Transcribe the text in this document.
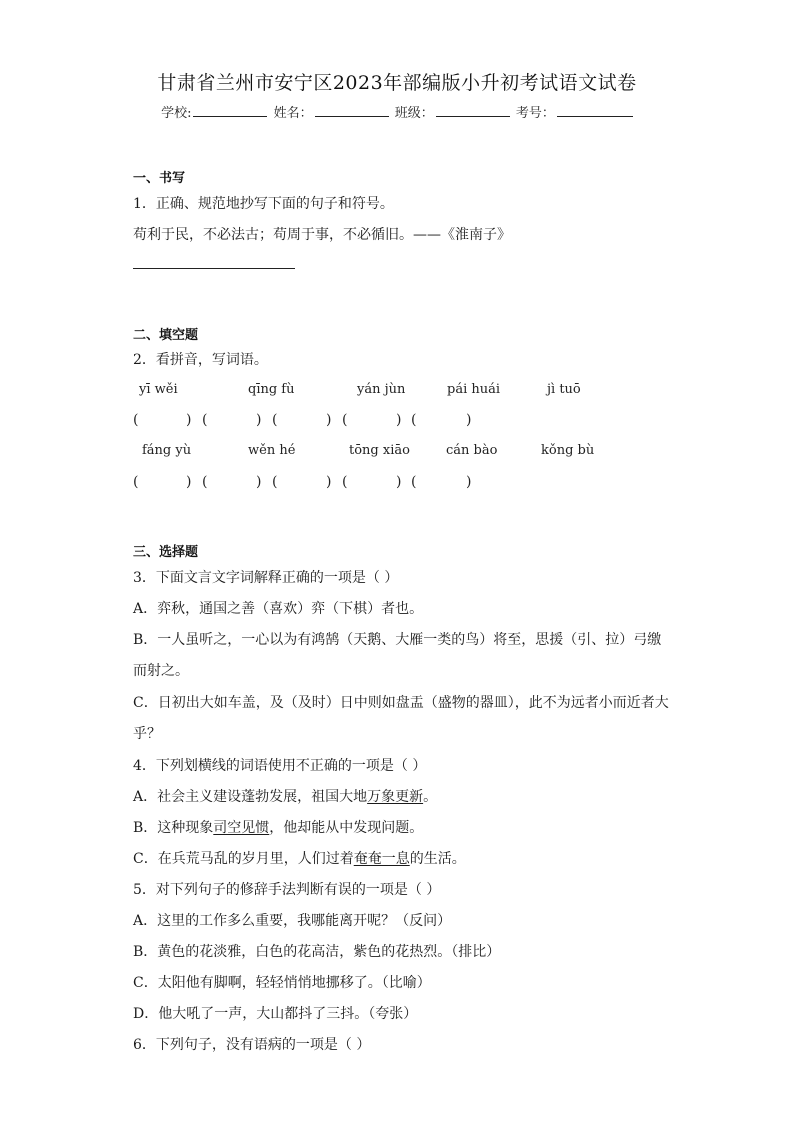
甘肃省兰州市安宁区2023年部编版小升初考试语文试卷
学校:	姓名：	班级：	考号：
一、书写
1．正确、规范地抄写下面的句子和符号。
苟利于民，不必法古；苟周于事，不必循旧。——《淮南子》
二、填空题
2．看拼音，写词语。
yī wěi	qīng fù	yán jùn	pái huái	jì tuō
(	) (	) (	) (	) (	)
fáng yù	wěn hé	tōng xiāo	cán bào	kǒng bù
(	) (	) (	) (	) (	)
三、选择题
3．下面文言文字词解释正确的一项是（ ）
A．弈秋，通国之善（喜欢）弈（下棋）者也。
B．一人虽听之，一心以为有鸿鹄（天鹅、大雁一类的鸟）将至，思援（引、拉）弓缴
而射之。
C．日初出大如车盖，及（及时）日中则如盘盂（盛物的器皿），此不为远者小而近者大
乎？
4．下列划横线的词语使用不正确的一项是（ ）
A．社会主义建设蓬勃发展，祖国大地万象更新。
B．这种现象司空见惯，他却能从中发现问题。
C．在兵荒马乱的岁月里，人们过着奄奄一息的生活。
5．对下列句子的修辞手法判断有误的一项是（ ）
A．这里的工作多么重要，我哪能离开呢？（反问）
B．黄色的花淡雅，白色的花高洁，紫色的花热烈。（排比）
C．太阳他有脚啊，轻轻悄悄地挪移了。（比喻）
D．他大吼了一声，大山都抖了三抖。（夸张）
6．下列句子，没有语病的一项是（ ）
